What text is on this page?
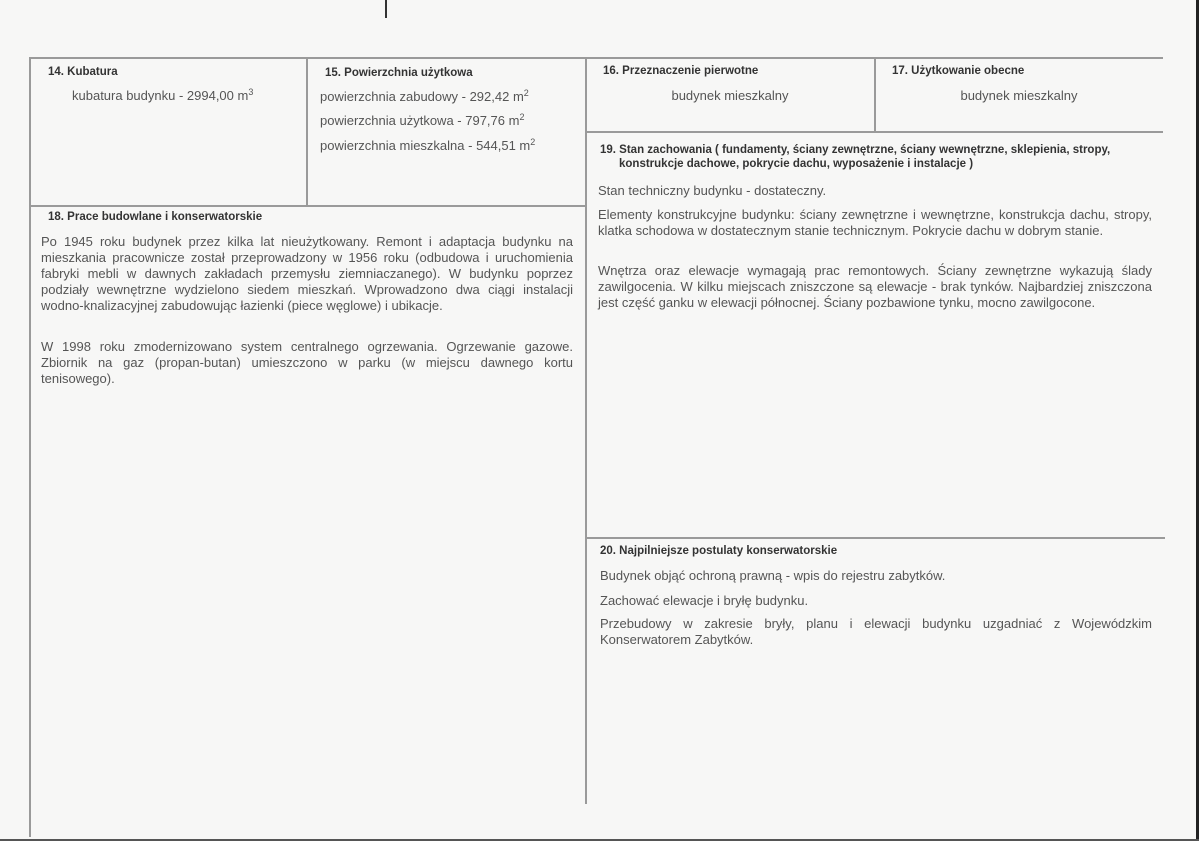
14. Kubatura
kubatura budynku - 2994,00 $m^3$
15. Powierzchnia użytkowa
powierzchnia zabudowy - 292,42 $m^2$
powierzchnia użytkowa - 797,76 $m^2$
powierzchnia mieszkalna - 544,51 $m^2$
16. Przeznaczenie pierwotne
budynek mieszkalny
17. Użytkowanie obecne
budynek mieszkalny
18. Prace budowlane i konserwatorskie
Po 1945 roku budynek przez kilka lat nieużytkowany. Remont i adaptacja budynku na mieszkania pracownicze został przeprowadzony w 1956 roku (odbudowa i uruchomienia fabryki mebli w dawnych zakładach przemysłu ziemniaczanego). W budynku poprzez podziały wewnętrzne wydzielono siedem mieszkań. Wprowadzono dwa ciągi instalacji wodno-knalizacyjnej zabudowując łazienki (piece węglowe) i ubikacje.
W 1998 roku zmodernizowano system centralnego ogrzewania. Ogrzewanie gazowe. Zbiornik na gaz (propan-butan) umieszczono w parku (w miejscu dawnego kortu tenisowego).
19. Stan zachowania ( fundamenty, ściany zewnętrzne, ściany wewnętrzne, sklepienia, stropy,
konstrukcje dachowe, pokrycie dachu, wyposażenie i instalacje )
Stan techniczny budynku - dostateczny.
Elementy konstrukcyjne budynku: ściany zewnętrzne i wewnętrzne, konstrukcja dachu, stropy, klatka schodowa w dostatecznym stanie technicznym. Pokrycie dachu w dobrym stanie.
Wnętrza oraz elewacje wymagają prac remontowych. Ściany zewnętrzne wykazują ślady zawilgocenia. W kilku miejscach zniszczone są elewacje - brak tynków. Najbardziej zniszczona jest część ganku w elewacji północnej. Ściany pozbawione tynku, mocno zawilgocone.
20. Najpilniejsze postulaty konserwatorskie
Budynek objąć ochroną prawną - wpis do rejestru zabytków.
Zachować elewacje i bryłę budynku.
Przebudowy w zakresie bryły, planu i elewacji budynku uzgadniać z Wojewódzkim Konserwatorem Zabytków.
